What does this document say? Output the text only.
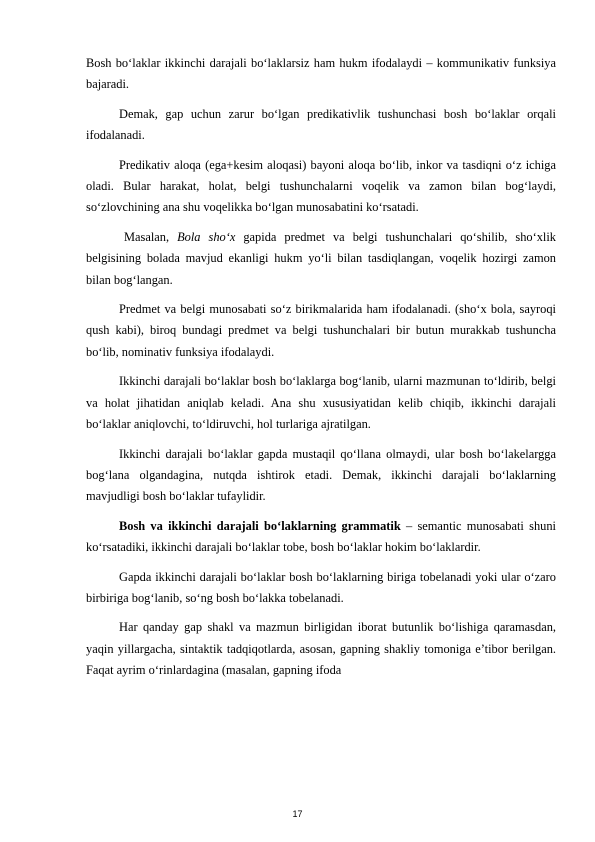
Bosh bo‘laklar ikkinchi darajali bo‘laklarsiz ham hukm ifodalaydi – kommunikativ funksiya bajaradi.

Demak, gap uchun zarur bo‘lgan predikativlik tushunchasi bosh bo‘laklar orqali ifodalanadi.

Predikativ aloqa (ega+kesim aloqasi) bayoni aloqa bo‘lib, inkor va tasdiqni o‘z ichiga oladi. Bular harakat, holat, belgi tushunchalarni voqelik va zamon bilan bog‘laydi, so‘zlovchining ana shu voqelikka bo‘lgan munosabatini ko‘rsatadi.

Masalan, Bola sho‘x gapida predmet va belgi tushunchalari qo‘shilib, sho‘xlik belgisining bolada mavjud ekanligi hukm yo‘li bilan tasdiqlangan, voqelik hozirgi zamon bilan bog‘langan.

Predmet va belgi munosabati so‘z birikmalarida ham ifodalanadi. (sho‘x bola, sayroqi qush kabi), biroq bundagi predmet va belgi tushunchalari bir butun murakkab tushuncha bo‘lib, nominativ funksiya ifodalaydi.

Ikkinchi darajali bo‘laklar bosh bo‘laklarga bog‘lanib, ularni mazmunan to‘ldirib, belgi va holat jihatidan aniqlab keladi. Ana shu xususiyatidan kelib chiqib, ikkinchi darajali bo‘laklar aniqlovchi, to‘ldiruvchi, hol turlariga ajratilgan.

Ikkinchi darajali bo‘laklar gapda mustaqil qo‘llana olmaydi, ular bosh bo‘lakelargga bog‘lana olgandagina, nutqda ishtirok etadi. Demak, ikkinchi darajali bo‘laklarning mavjudligi bosh bo‘laklar tufaylidir.

Bosh va ikkinchi darajali bo‘laklarning grammatik – semantic munosabati shuni ko‘rsatadiki, ikkinchi darajali bo‘laklar tobe, bosh bo‘laklar hokim bo‘laklardir.

Gapda ikkinchi darajali bo‘laklar bosh bo‘laklarning biriga tobelanadi yoki ular o‘zaro birbiriga bog‘lanib, so‘ng bosh bo‘lakka tobelanadi.

Har qanday gap shakl va mazmun birligidan iborat butunlik bo‘lishiga qaramasdan, yaqin yillargacha, sintaktik tadqiqotlarda, asosan, gapning shakliy tomoniga e’tibor berilgan. Faqat ayrim o‘rinlardagina (masalan, gapning ifoda

17
